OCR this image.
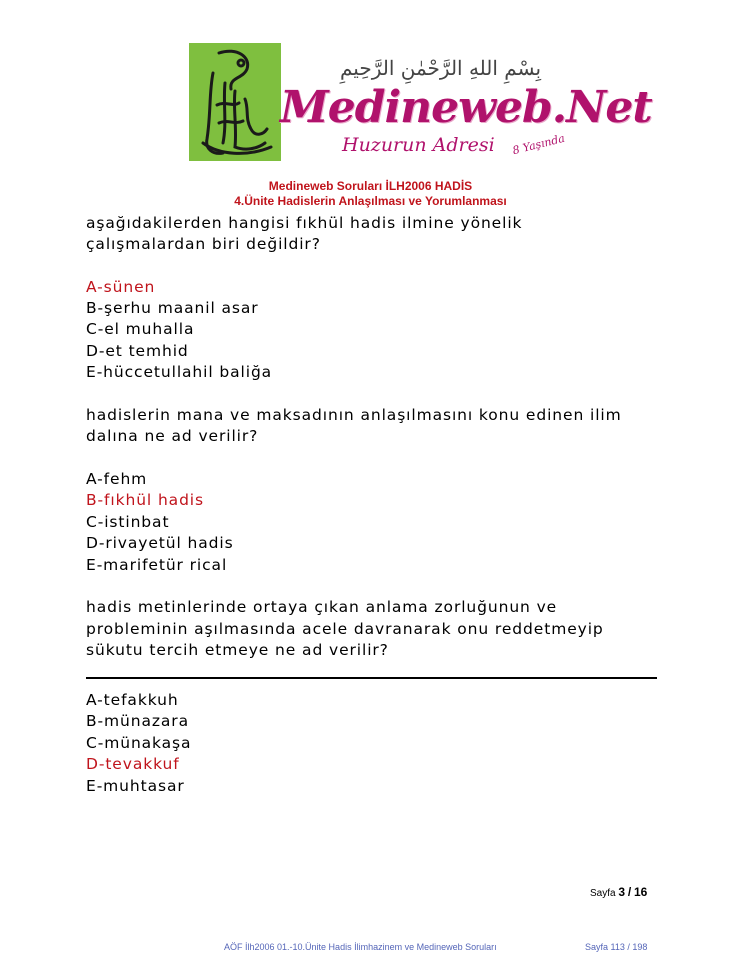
بِسْمِ اللهِ الرَّحْمٰنِ الرَّحِيمِ
Medineweb.Net
Huzurun Adresi 8 Yaşında
Medineweb Soruları İLH2006 HADİS
4.Ünite Hadislerin Anlaşılması ve Yorumlanması
aşağıdakilerden hangisi fıkhül hadis ilmine yönelik
çalışmalardan biri değildir?
A-sünen
B-şerhu maanil asar
C-el muhalla
D-et temhid
E-hüccetullahil baliğa
hadislerin mana ve maksadının anlaşılmasını konu edinen ilim
dalına ne ad verilir?
A-fehm
B-fıkhül hadis
C-istinbat
D-rivayetül hadis
E-marifetür rical
hadis metinlerinde ortaya çıkan anlama zorluğunun ve
probleminin aşılmasında acele davranarak onu reddetmeyip
sükutu tercih etmeye ne ad verilir?
A-tefakkuh
B-münazara
C-münakaşa
D-tevakkuf
E-muhtasar
Sayfa 3 / 16
AÖF İlh2006 01.-10.Ünite Hadis İlimhazinem ve Medineweb Soruları	Sayfa 113 / 198
